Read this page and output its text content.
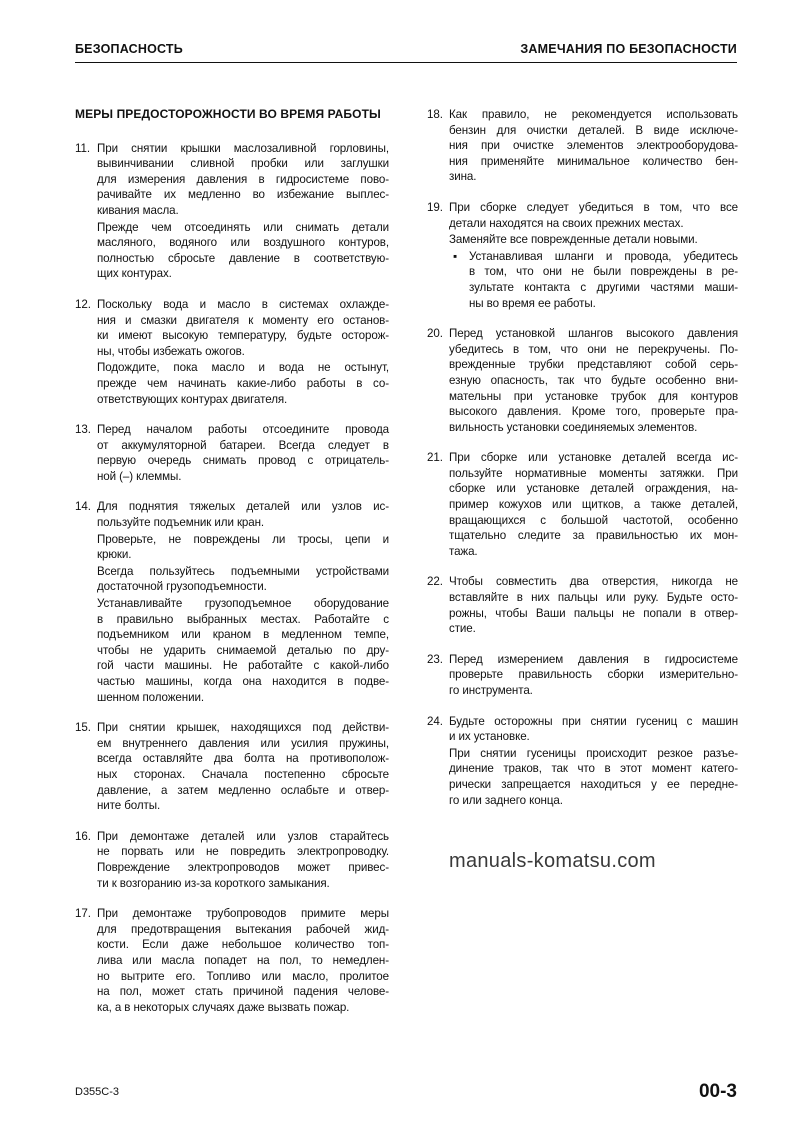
БЕЗОПАСНОСТЬ	ЗАМЕЧАНИЯ ПО БЕЗОПАСНОСТИ
МЕРЫ ПРЕДОСТОРОЖНОСТИ ВО ВРЕМЯ РАБОТЫ
11. При снятии крышки маслозаливной горловины,
вывинчивании сливной пробки или заглушки
для измерения давления в гидросистеме пово-
рачивайте их медленно во избежание выплес-
кивания масла.
Прежде чем отсоединять или снимать детали
масляного, водяного или воздушного контуров,
полностью сбросьте давление в соответствую-
щих контурах.
12. Поскольку вода и масло в системах охлажде-
ния и смазки двигателя к моменту его останов-
ки имеют высокую температуру, будьте осторож-
ны, чтобы избежать ожогов.
Подождите, пока масло и вода не остынут,
прежде чем начинать какие-либо работы в со-
ответствующих контурах двигателя.
13. Перед началом работы отсоедините провода
от аккумуляторной батареи. Всегда следует в
первую очередь снимать провод с отрицатель-
ной (–) клеммы.
14. Для поднятия тяжелых деталей или узлов ис-
пользуйте подъемник или кран.
Проверьте, не повреждены ли тросы, цепи и
крюки.
Всегда пользуйтесь подъемными устройствами
достаточной грузоподъемности.
Устанавливайте грузоподъемное оборудование
в правильно выбранных местах. Работайте с
подъемником или краном в медленном темпе,
чтобы не ударить снимаемой деталью по дру-
гой части машины. Не работайте с какой-либо
частью машины, когда она находится в подве-
шенном положении.
15. При снятии крышек, находящихся под действи-
ем внутреннего давления или усилия пружины,
всегда оставляйте два болта на противополож-
ных сторонах. Сначала постепенно сбросьте
давление, а затем медленно ослабьте и отвер-
ните болты.
16. При демонтаже деталей или узлов старайтесь
не порвать или не повредить электропроводку.
Повреждение электропроводов может привес-
ти к возгоранию из-за короткого замыкания.
17. При демонтаже трубопроводов примите меры
для предотвращения вытекания рабочей жид-
кости. Если даже небольшое количество топ-
лива или масла попадет на пол, то немедлен-
но вытрите его. Топливо или масло, пролитое
на пол, может стать причиной падения челове-
ка, а в некоторых случаях даже вызвать пожар.
18. Как правило, не рекомендуется использовать
бензин для очистки деталей. В виде исключе-
ния при очистке элементов электрооборудова-
ния применяйте минимальное количество бен-
зина.
19. При сборке следует убедиться в том, что все
детали находятся на своих прежних местах.
Заменяйте все поврежденные детали новыми.
▪ Устанавливая шланги и провода, убедитесь
в том, что они не были повреждены в ре-
зультате контакта с другими частями маши-
ны во время ее работы.
20. Перед установкой шлангов высокого давления
убедитесь в том, что они не перекручены. По-
врежденные трубки представляют собой серь-
езную опасность, так что будьте особенно вни-
мательны при установке трубок для контуров
высокого давления. Кроме того, проверьте пра-
вильность установки соединяемых элементов.
21. При сборке или установке деталей всегда ис-
пользуйте нормативные моменты затяжки. При
сборке или установке деталей ограждения, на-
пример кожухов или щитков, а также деталей,
вращающихся с большой частотой, особенно
тщательно следите за правильностью их мон-
тажа.
22. Чтобы совместить два отверстия, никогда не
вставляйте в них пальцы или руку. Будьте осто-
рожны, чтобы Ваши пальцы не попали в отвер-
стие.
23. Перед измерением давления в гидросистеме
проверьте правильность сборки измерительно-
го инструмента.
24. Будьте осторожны при снятии гусениц с машин
и их установке.
При снятии гусеницы происходит резкое разъе-
динение траков, так что в этот момент катего-
рически запрещается находиться у ее передне-
го или заднего конца.
manuals-komatsu.com
D355C-3	00-3
